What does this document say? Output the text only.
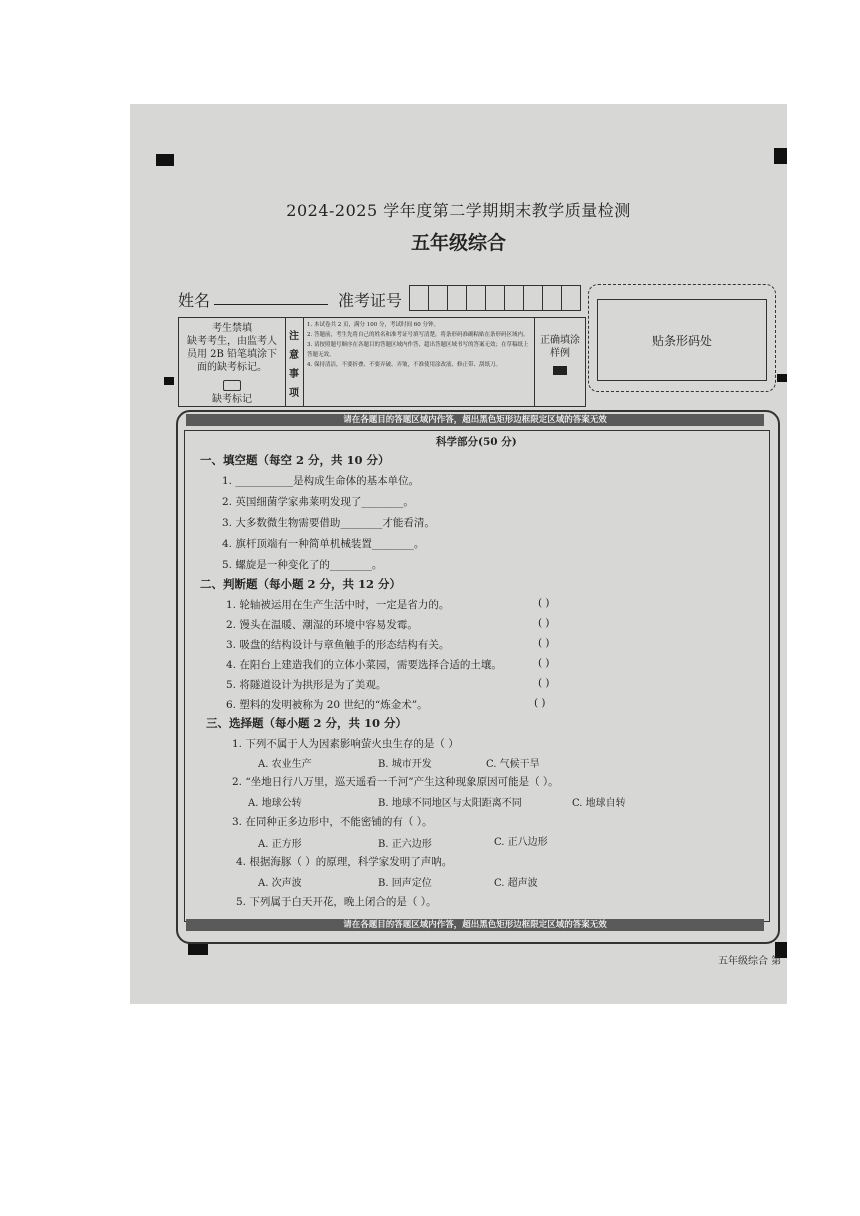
2024-2025 学年度第二学期期末教学质量检测
五年级综合
姓名	准考证号
贴条形码处
考生禁填
缺考考生，由监考人员用 2B 铅笔填涂下面的缺考标记。
缺考标记
注
意
事
项
1. 本试卷共 2 页，满分 100 分，考试时间 60 分钟。
2. 答题前，考生先将自己的姓名和准考证号填写清楚，将条形码准确粘贴在条形码区域内。
3. 请按照题号顺序在各题目的答题区域内作答，超出答题区域书写的答案无效；在草稿纸上答题无效。
4. 保持清洁，不要折叠、不要弄破、弄皱，不准使用涂改液、修正带、刮纸刀。
正确填涂样例
请在各题目的答题区域内作答，超出黑色矩形边框限定区域的答案无效
科学部分(50 分)
一、填空题（每空 2 分，共 10 分）
1. ___________是构成生命体的基本单位。
2. 英国细菌学家弗莱明发现了________。
3. 大多数微生物需要借助________才能看清。
4. 旗杆顶端有一种简单机械装置________。
5. 螺旋是一种变化了的________。
二、判断题（每小题 2 分，共 12 分）
1. 轮轴被运用在生产生活中时，一定是省力的。	( )
2. 馒头在温暖、潮湿的环境中容易发霉。	( )
3. 吸盘的结构设计与章鱼触手的形态结构有关。	( )
4. 在阳台上建造我们的立体小菜园，需要选择合适的土壤。	( )
5. 将隧道设计为拱形是为了美观。	( )
6. 塑料的发明被称为 20 世纪的“炼金术”。	( )
三、选择题（每小题 2 分，共 10 分）
1. 下列不属于人为因素影响萤火虫生存的是（ ）
A. 农业生产	B. 城市开发	C. 气候干旱
2. “坐地日行八万里，巡天遥看一千河”产生这种现象原因可能是（ ）。
A. 地球公转	B. 地球不同地区与太阳距离不同	C. 地球自转
3. 在同种正多边形中，不能密铺的有（ ）。
A. 正方形	B. 正六边形	C. 正八边形
4. 根据海豚（ ）的原理，科学家发明了声呐。
A. 次声波	B. 回声定位	C. 超声波
5. 下列属于白天开花，晚上闭合的是（ ）。
请在各题目的答题区域内作答，超出黑色矩形边框限定区域的答案无效
五年级综合 第
